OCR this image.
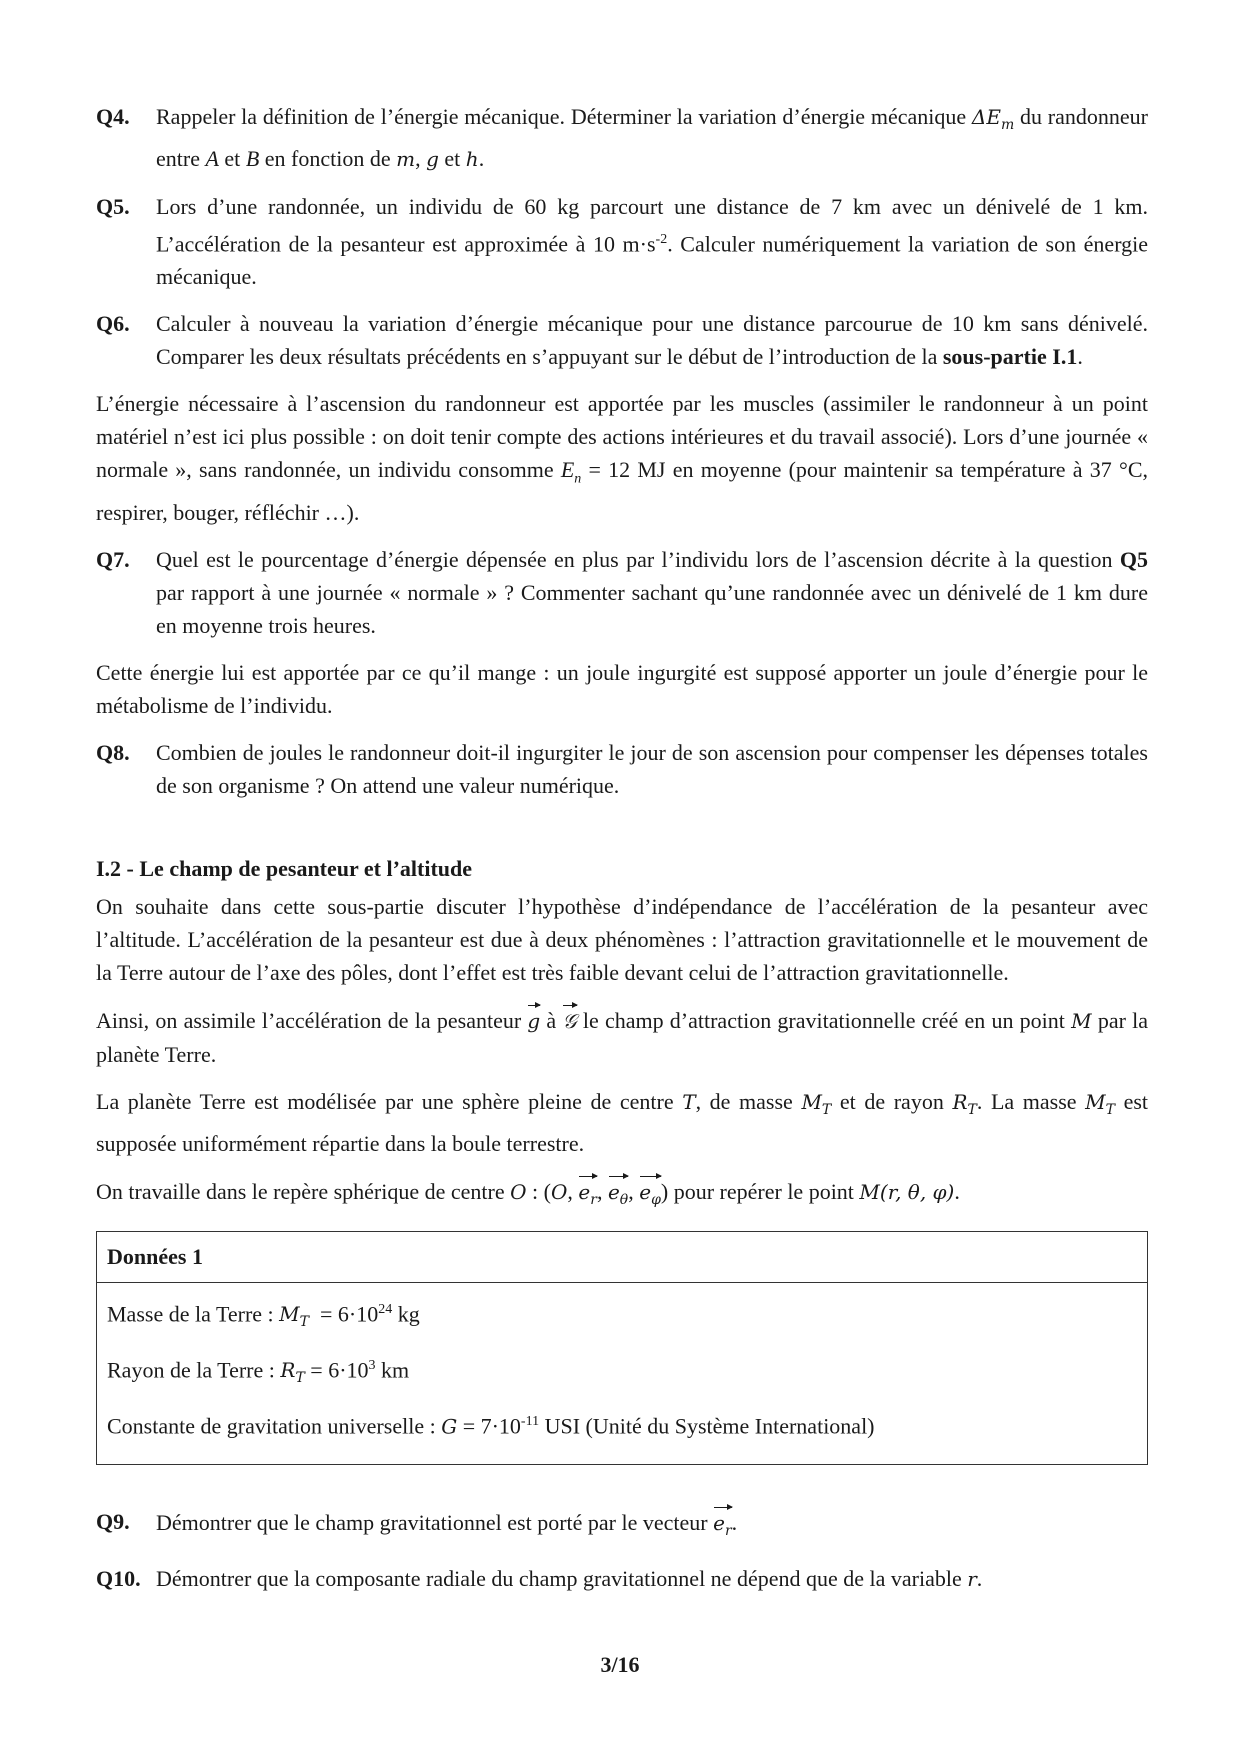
Q4.	Rappeler la définition de l’énergie mécanique. Déterminer la variation d’énergie mécanique $\Delta E_m$ du randonneur entre A et B en fonction de m, g et h.
Q5.	Lors d’une randonnée, un individu de 60 kg parcourt une distance de 7 km avec un dénivelé de 1 km. L’accélération de la pesanteur est approximée à 10 $m\cdot s^{-2}$. Calculer numériquement la variation de son énergie mécanique.
Q6.	Calculer à nouveau la variation d’énergie mécanique pour une distance parcourue de 10 km sans dénivelé. Comparer les deux résultats précédents en s’appuyant sur le début de l’introduction de la sous-partie I.1.

L’énergie nécessaire à l’ascension du randonneur est apportée par les muscles (assimiler le randonneur à un point matériel n’est ici plus possible : on doit tenir compte des actions intérieures et du travail associé). Lors d’une journée « normale », sans randonnée, un individu consomme $E_n = 12$ MJ en moyenne (pour maintenir sa température à 37 °C, respirer, bouger, réfléchir …).

Q7.	Quel est le pourcentage d’énergie dépensée en plus par l’individu lors de l’ascension décrite à la question Q5 par rapport à une journée « normale » ? Commenter sachant qu’une randonnée avec un dénivelé de 1 km dure en moyenne trois heures.

Cette énergie lui est apportée par ce qu’il mange : un joule ingurgité est supposé apporter un joule d’énergie pour le métabolisme de l’individu.

Q8.	Combien de joules le randonneur doit-il ingurgiter le jour de son ascension pour compenser les dépenses totales de son organisme ? On attend une valeur numérique.
I.2 - Le champ de pesanteur et l’altitude

On souhaite dans cette sous-partie discuter l’hypothèse d’indépendance de l’accélération de la pesanteur avec l’altitude. L’accélération de la pesanteur est due à deux phénomènes : l’attraction gravitationnelle et le mouvement de la Terre autour de l’axe des pôles, dont l’effet est très faible devant celui de l’attraction gravitationnelle.

Ainsi, on assimile l’accélération de la pesanteur g à 𝒢 le champ d’attraction gravitationnelle créé en un point M par la planète Terre.

La planète Terre est modélisée par une sphère pleine de centre T, de masse $M_T$ et de rayon $R_T$. La masse $M_T$ est supposée uniformément répartie dans la boule terrestre.

On travaille dans le repère sphérique de centre O : (O, $e_r$, $e_\theta$, $e_\varphi$) pour repérer le point M(r, θ, φ).

Données 1
Masse de la Terre : $M_T = 6\cdot 10^{24}$ kg
Rayon de la Terre : $R_T = 6\cdot 10^3$ km
Constante de gravitation universelle : $G = 7\cdot 10^{-11}$ USI (Unité du Système International)
Q9.	Démontrer que le champ gravitationnel est porté par le vecteur $e_r$.
Q10. Démontrer que la composante radiale du champ gravitationnel ne dépend que de la variable r.
3/16
